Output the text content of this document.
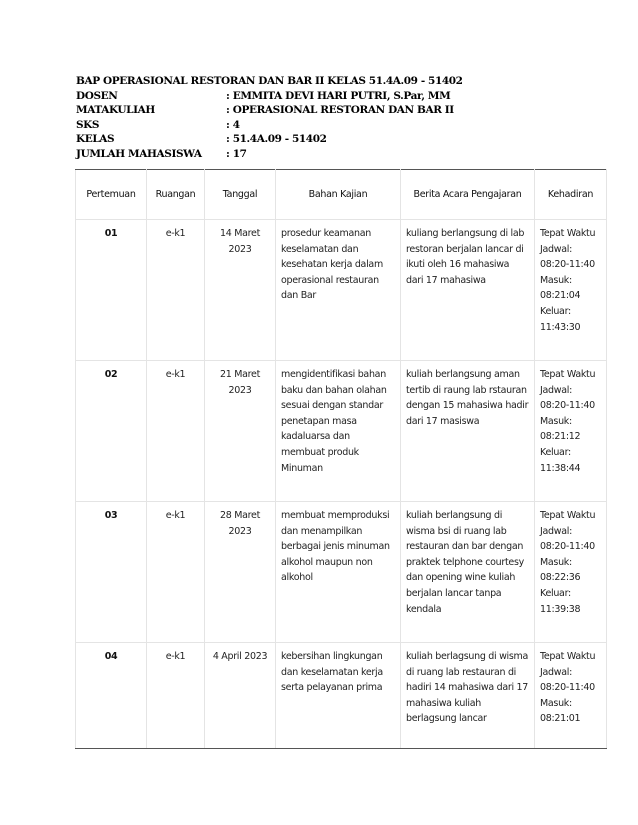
BAP OPERASIONAL RESTORAN DAN BAR II KELAS 51.4A.09 - 51402
DOSEN	: EMMITA DEVI HARI PUTRI, S.Par, MM
MATAKULIAH	: OPERASIONAL RESTORAN DAN BAR II
SKS	: 4
KELAS	: 51.4A.09 - 51402
JUMLAH MAHASISWA	: 17
Pertemuan	Ruangan	Tanggal	Bahan Kajian	Berita Acara Pengajaran	Kehadiran
01	e-k1	14 Maret 2023	prosedur keamanan keselamatan dan kesehatan kerja dalam operasional restauran dan Bar	kuliang berlangsung di lab restoran berjalan lancar di ikuti oleh 16 mahasiwa dari 17 mahasiwa	Tepat Waktu Jadwal: 08:20-11:40 Masuk: 08:21:04 Keluar: 11:43:30
02	e-k1	21 Maret 2023	mengidentifikasi bahan baku dan bahan olahan sesuai dengan standar penetapan masa kadaluarsa dan membuat produk Minuman	kuliah berlangsung aman tertib di raung lab rstauran dengan 15 mahasiwa hadir dari 17 masiswa	Tepat Waktu Jadwal: 08:20-11:40 Masuk: 08:21:12 Keluar: 11:38:44
03	e-k1	28 Maret 2023	membuat memproduksi dan menampilkan berbagai jenis minuman alkohol maupun non alkohol	kuliah berlangsung di wisma bsi di ruang lab restauran dan bar dengan praktek telphone courtesy dan opening wine kuliah berjalan lancar tanpa kendala	Tepat Waktu Jadwal: 08:20-11:40 Masuk: 08:22:36 Keluar: 11:39:38
04	e-k1	4 April 2023	kebersihan lingkungan dan keselamatan kerja serta pelayanan prima	kuliah berlagsung di wisma di ruang lab restauran di hadiri 14 mahasiwa dari 17 mahasiwa kuliah berlagsung lancar	Tepat Waktu Jadwal: 08:20-11:40 Masuk: 08:21:01
